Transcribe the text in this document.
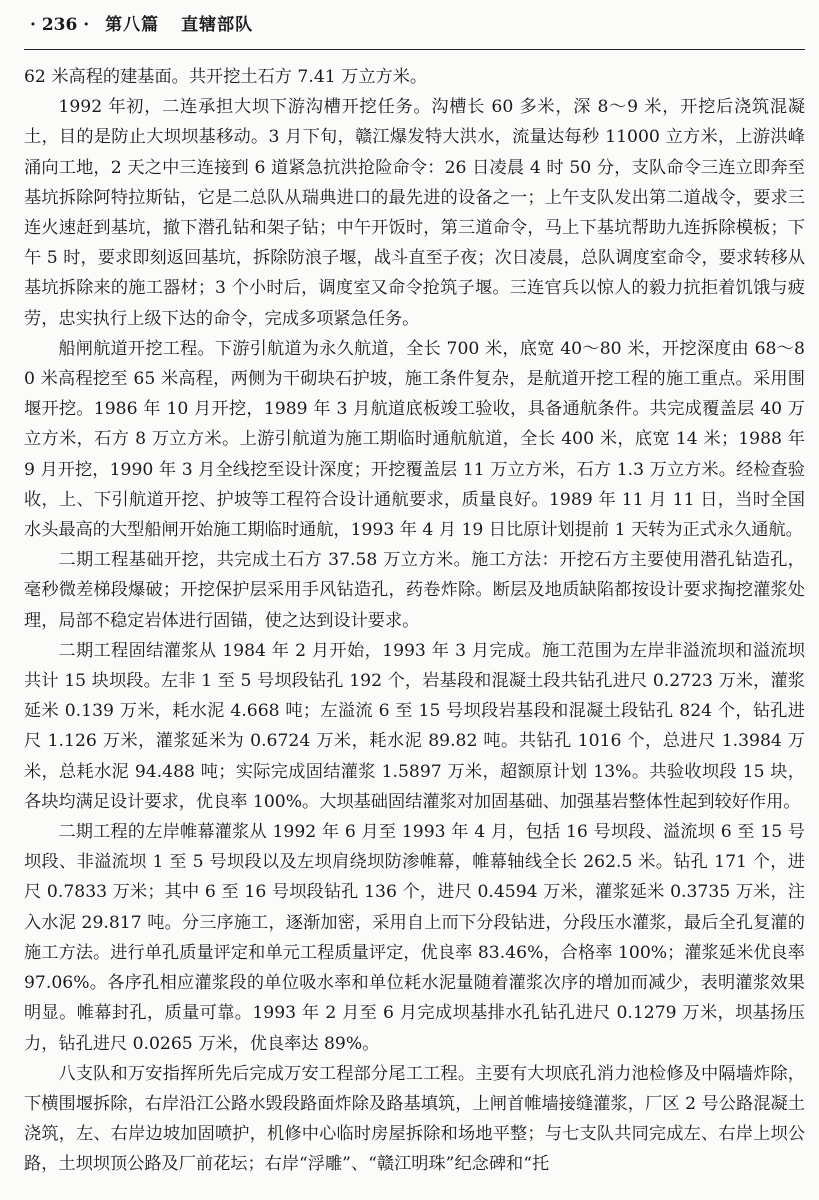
· 236 · 第八篇 直辖部队

62 米高程的建基面。共开挖土石方 7.41 万立方米。

1992 年初，二连承担大坝下游沟槽开挖任务。沟槽长 60 多米，深 8～9 米，开挖后浇筑混凝土，目的是防止大坝坝基移动。3 月下旬，赣江爆发特大洪水，流量达每秒 11000 立方米，上游洪峰涌向工地，2 天之中三连接到 6 道紧急抗洪抢险命令：26 日凌晨 4 时 50 分，支队命令三连立即奔至基坑拆除阿特拉斯钻，它是二总队从瑞典进口的最先进的设备之一；上午支队发出第二道战令，要求三连火速赶到基坑，撤下潜孔钻和架子钻；中午开饭时，第三道命令，马上下基坑帮助九连拆除模板；下午 5 时，要求即刻返回基坑，拆除防浪子堰，战斗直至子夜；次日凌晨，总队调度室命令，要求转移从基坑拆除来的施工器材；3 个小时后，调度室又命令抢筑子堰。三连官兵以惊人的毅力抗拒着饥饿与疲劳，忠实执行上级下达的命令，完成多项紧急任务。

船闸航道开挖工程。下游引航道为永久航道，全长 700 米，底宽 40～80 米，开挖深度由 68～80 米高程挖至 65 米高程，两侧为干砌块石护坡，施工条件复杂，是航道开挖工程的施工重点。采用围堰开挖。1986 年 10 月开挖，1989 年 3 月航道底板竣工验收，具备通航条件。共完成覆盖层 40 万立方米，石方 8 万立方米。上游引航道为施工期临时通航航道，全长 400 米，底宽 14 米；1988 年 9 月开挖，1990 年 3 月全线挖至设计深度；开挖覆盖层 11 万立方米，石方 1.3 万立方米。经检查验收，上、下引航道开挖、护坡等工程符合设计通航要求，质量良好。1989 年 11 月 11 日，当时全国水头最高的大型船闸开始施工期临时通航，1993 年 4 月 19 日比原计划提前 1 天转为正式永久通航。

二期工程基础开挖，共完成土石方 37.58 万立方米。施工方法：开挖石方主要使用潜孔钻造孔，毫秒微差梯段爆破；开挖保护层采用手风钻造孔，药卷炸除。断层及地质缺陷都按设计要求掏挖灌浆处理，局部不稳定岩体进行固锚，使之达到设计要求。

二期工程固结灌浆从 1984 年 2 月开始，1993 年 3 月完成。施工范围为左岸非溢流坝和溢流坝共计 15 块坝段。左非 1 至 5 号坝段钻孔 192 个，岩基段和混凝土段共钻孔进尺 0.2723 万米，灌浆延米 0.139 万米，耗水泥 4.668 吨；左溢流 6 至 15 号坝段岩基段和混凝土段钻孔 824 个，钻孔进尺 1.126 万米，灌浆延米为 0.6724 万米，耗水泥 89.82 吨。共钻孔 1016 个，总进尺 1.3984 万米，总耗水泥 94.488 吨；实际完成固结灌浆 1.5897 万米，超额原计划 13%。共验收坝段 15 块，各块均满足设计要求，优良率 100%。大坝基础固结灌浆对加固基础、加强基岩整体性起到较好作用。

二期工程的左岸帷幕灌浆从 1992 年 6 月至 1993 年 4 月，包括 16 号坝段、溢流坝 6 至 15 号坝段、非溢流坝 1 至 5 号坝段以及左坝肩绕坝防渗帷幕，帷幕轴线全长 262.5 米。钻孔 171 个，进尺 0.7833 万米；其中 6 至 16 号坝段钻孔 136 个，进尺 0.4594 万米，灌浆延米 0.3735 万米，注入水泥 29.817 吨。分三序施工，逐渐加密，采用自上而下分段钻进，分段压水灌浆，最后全孔复灌的施工方法。进行单孔质量评定和单元工程质量评定，优良率 83.46%，合格率 100%；灌浆延米优良率 97.06%。各序孔相应灌浆段的单位吸水率和单位耗水泥量随着灌浆次序的增加而减少，表明灌浆效果明显。帷幕封孔，质量可靠。1993 年 2 月至 6 月完成坝基排水孔钻孔进尺 0.1279 万米，坝基扬压力，钻孔进尺 0.0265 万米，优良率达 89%。

八支队和万安指挥所先后完成万安工程部分尾工工程。主要有大坝底孔消力池检修及中隔墙炸除，下横围堰拆除，右岸沿江公路水毁段路面炸除及路基填筑，上闸首帷墙接缝灌浆，厂区 2 号公路混凝土浇筑，左、右岸边坡加固喷护，机修中心临时房屋拆除和场地平整；与七支队共同完成左、右岸上坝公路，土坝坝顶公路及厂前花坛；右岸“浮雕”、“赣江明珠”纪念碑和“托
